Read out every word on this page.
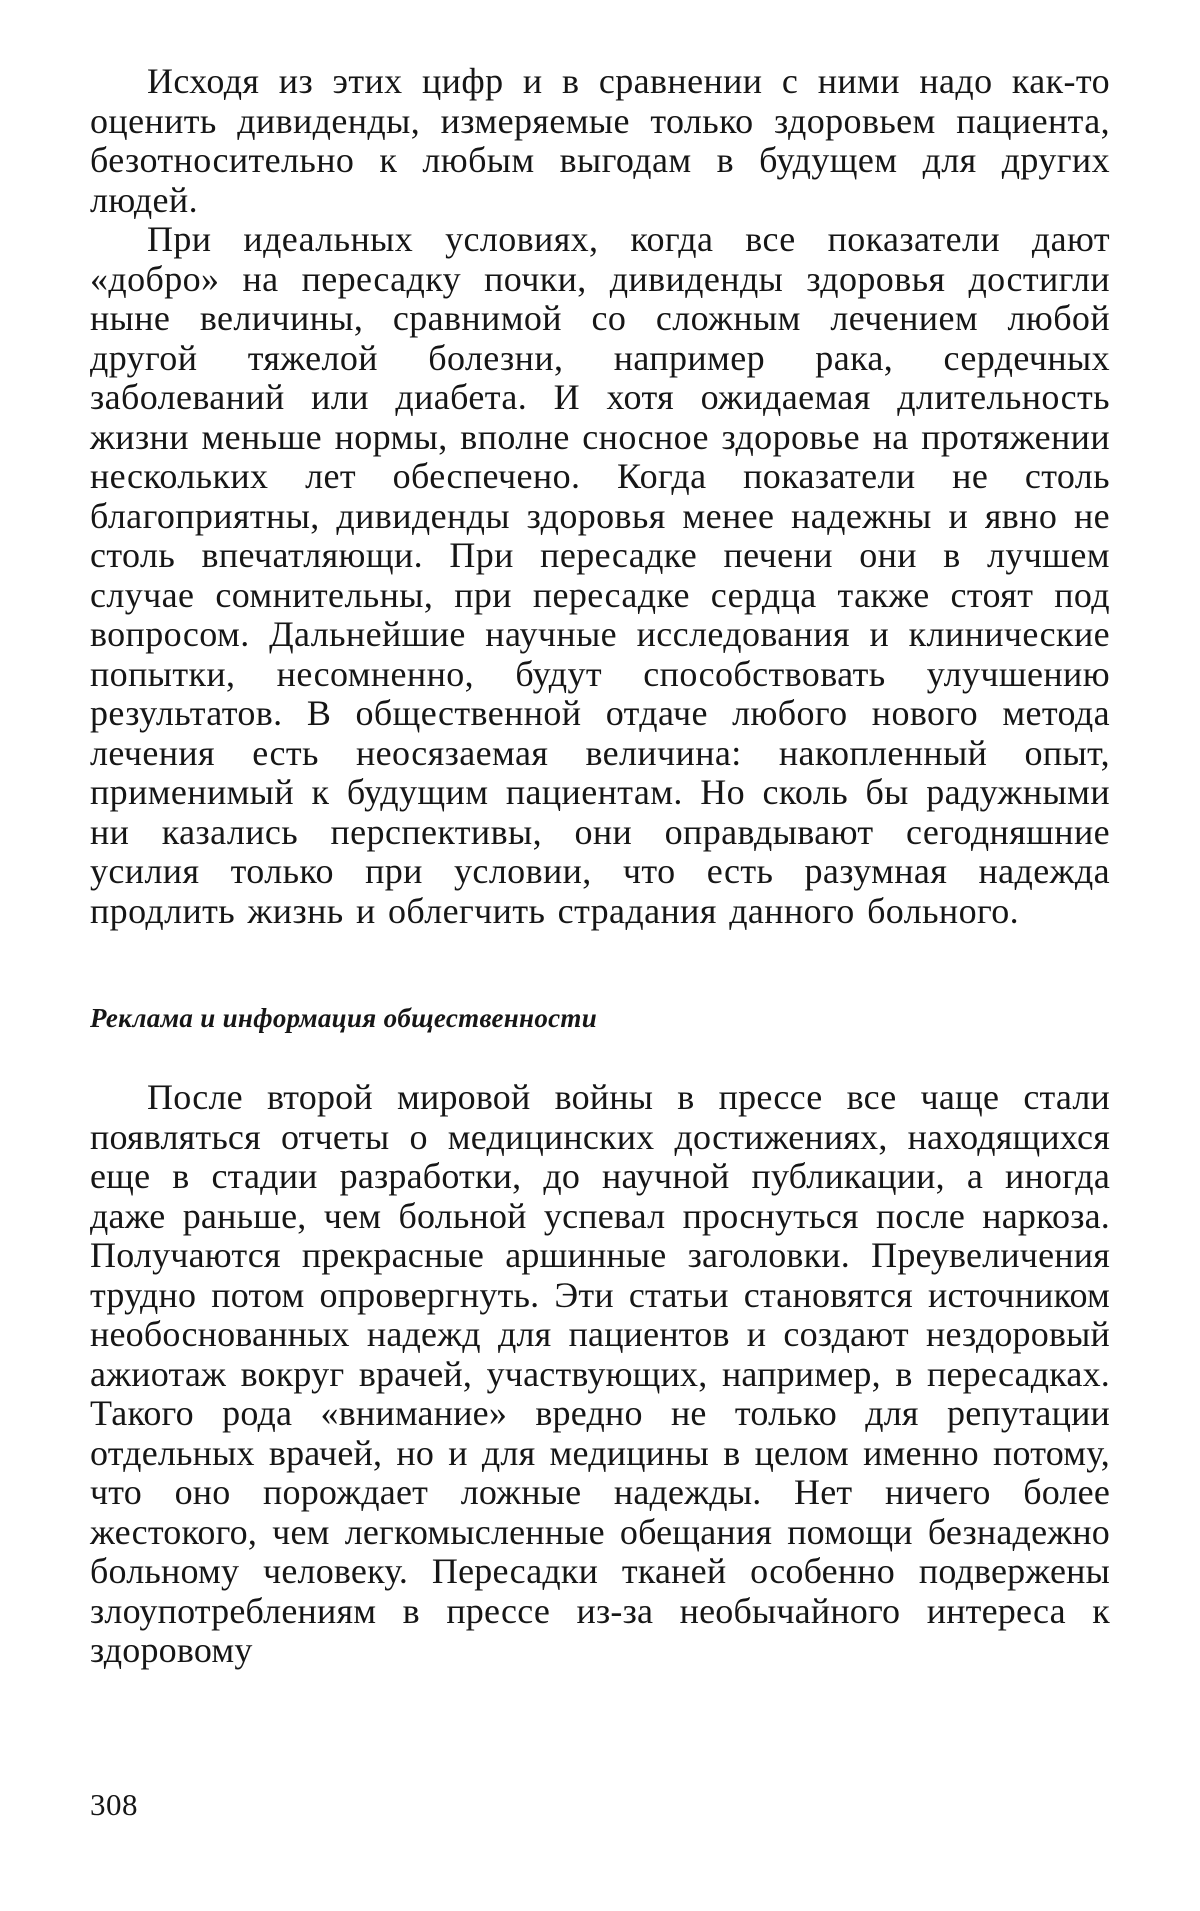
Исходя из этих цифр и в сравнении с ними надо как-то оценить дивиденды, измеряемые только здоровьем пациента, безотносительно к любым выгодам в будущем для других людей.

При идеальных условиях, когда все показатели дают «добро» на пересадку почки, дивиденды здоровья достигли ныне величины, сравнимой со сложным лечением любой другой тяжелой болезни, например рака, сердечных заболеваний или диабета. И хотя ожидаемая длительность жизни меньше нормы, вполне сносное здоровье на протяжении нескольких лет обеспечено. Когда показатели не столь благоприятны, дивиденды здоровья менее надежны и явно не столь впечатляющи. При пересадке печени они в лучшем случае сомнительны, при пересадке сердца также стоят под вопросом. Дальнейшие научные исследования и клинические попытки, несомненно, будут способствовать улучшению результатов. В общественной отдаче любого нового метода лечения есть неосязаемая величина: накопленный опыт, применимый к будущим пациентам. Но сколь бы радужными ни казались перспективы, они оправдывают сегодняшние усилия только при условии, что есть разумная надежда продлить жизнь и облегчить страдания данного больного.

Реклама и информация общественности

После второй мировой войны в прессе все чаще стали появляться отчеты о медицинских достижениях, находящихся еще в стадии разработки, до научной публикации, а иногда даже раньше, чем больной успевал проснуться после наркоза. Получаются прекрасные аршинные заголовки. Преувеличения трудно потом опровергнуть. Эти статьи становятся источником необоснованных надежд для пациентов и создают нездоровый ажиотаж вокруг врачей, участвующих, например, в пересадках. Такого рода «внимание» вредно не только для репутации отдельных врачей, но и для медицины в целом именно потому, что оно порождает ложные надежды. Нет ничего более жестокого, чем легкомысленные обещания помощи безнадежно больному человеку. Пересадки тканей особенно подвержены злоупотреблениям в прессе из-за необычайного интереса к здоровому

308
